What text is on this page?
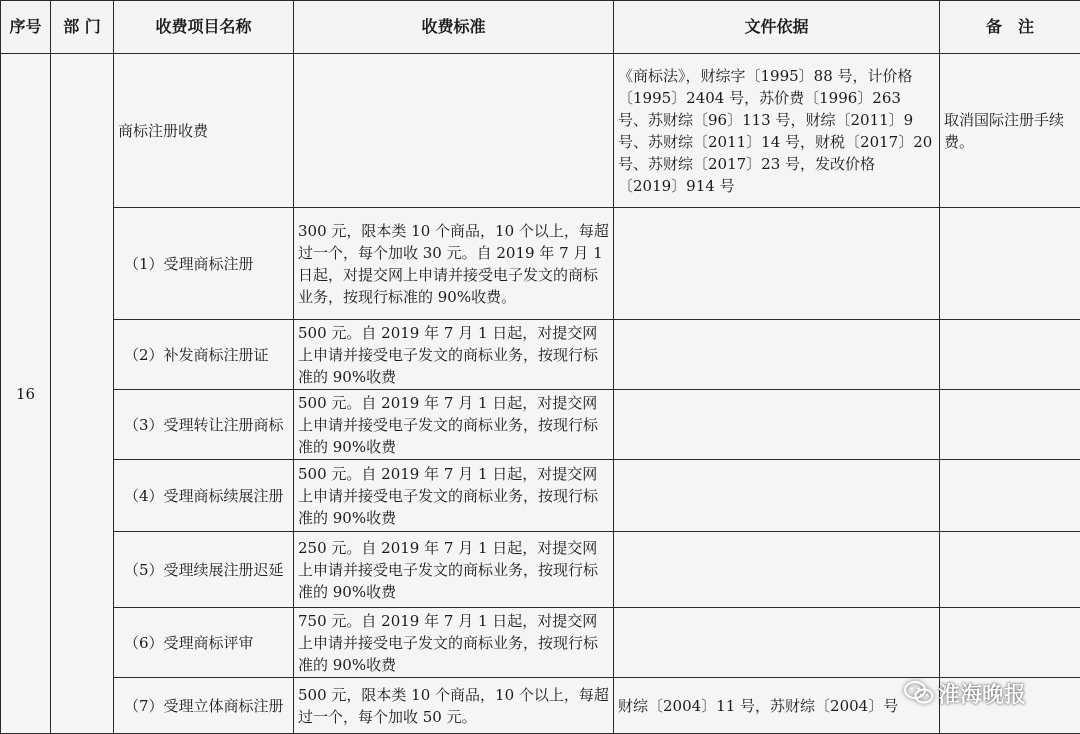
序号	部 门	收费项目名称	收费标准	文件依据	备　注
16		商标注册收费		《商标法》，财综字〔1995〕88 号，计价格〔1995〕2404 号，苏价费〔1996〕263 号、苏财综〔96〕113 号，财综〔2011〕9 号、苏财综〔2011〕14 号，财税〔2017〕20 号、苏财综〔2017〕23 号，发改价格〔2019〕914 号	取消国际注册手续费。
		（1）受理商标注册	300 元，限本类 10 个商品，10 个以上，每超过一个，每个加收 30 元。自 2019 年 7 月 1 日起，对提交网上申请并接受电子发文的商标业务，按现行标准的 90%收费。		
		（2）补发商标注册证	500 元。自 2019 年 7 月 1 日起，对提交网上申请并接受电子发文的商标业务，按现行标准的 90%收费		
		（3）受理转让注册商标	500 元。自 2019 年 7 月 1 日起，对提交网上申请并接受电子发文的商标业务，按现行标准的 90%收费		
		（4）受理商标续展注册	500 元。自 2019 年 7 月 1 日起，对提交网上申请并接受电子发文的商标业务，按现行标准的 90%收费		
		（5）受理续展注册迟延	250 元。自 2019 年 7 月 1 日起，对提交网上申请并接受电子发文的商标业务，按现行标准的 90%收费		
		（6）受理商标评审	750 元。自 2019 年 7 月 1 日起，对提交网上申请并接受电子发文的商标业务，按现行标准的 90%收费		
		（7）受理立体商标注册	500 元，限本类 10 个商品，10 个以上，每超过一个，每个加收 50 元。	财综〔2004〕11 号，苏财综〔2004〕号	淮海晚报
